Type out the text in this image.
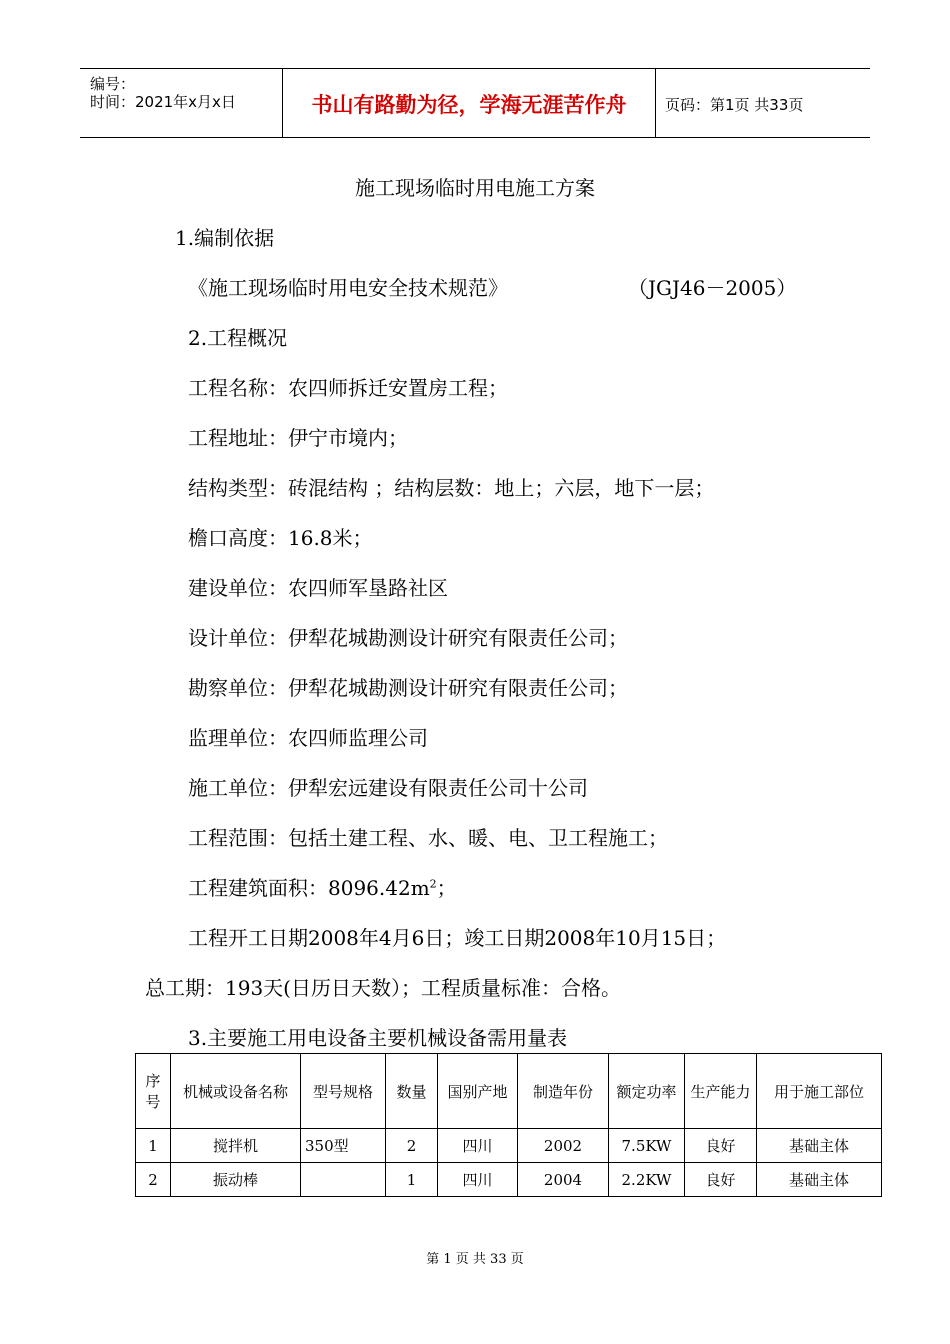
编号：
时间：2021年x月x日	书山有路勤为径，学海无涯苦作舟	页码：第1页 共33页
施工现场临时用电施工方案
1.编制依据
《施工现场临时用电安全技术规范》	（JGJ46－2005）
2.工程概况
工程名称：农四师拆迁安置房工程；
工程地址：伊宁市境内；
结构类型：砖混结构 ；结构层数：地上；六层，地下一层；
檐口高度：16.8米；
建设单位：农四师军垦路社区
设计单位：伊犁花城勘测设计研究有限责任公司；
勘察单位：伊犁花城勘测设计研究有限责任公司；
监理单位：农四师监理公司
施工单位：伊犁宏远建设有限责任公司十公司
工程范围：包括土建工程、水、暖、电、卫工程施工；
工程建筑面积：$8096.42m^2$；
工程开工日期2008年4月6日；竣工日期2008年10月15日；
总工期：193天(日历日天数）；工程质量标准：合格。
3.主要施工用电设备主要机械设备需用量表
序号	机械或设备名称	型号规格	数量	国别产地	制造年份	额定功率	生产能力	用于施工部位
1	搅拌机	350型	2	四川	2002	7.5KW	良好	基础主体
2	振动棒		1	四川	2004	2.2KW	良好	基础主体
第 1 页 共 33 页
